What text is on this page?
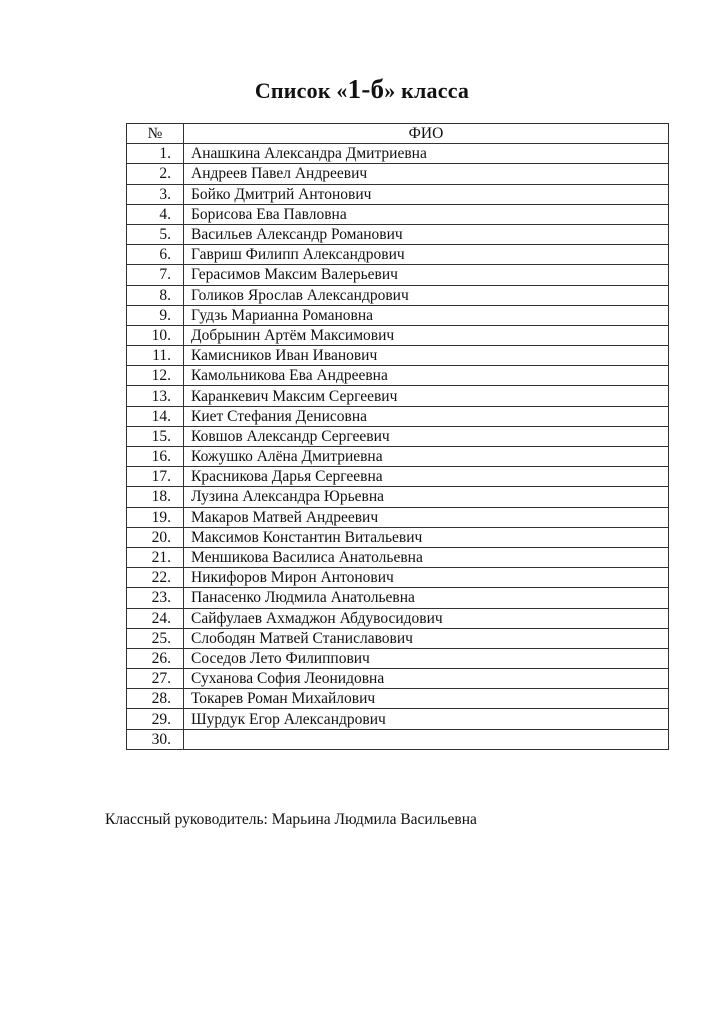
Список «1-б» класса
№	ФИО
1.	Анашкина Александра Дмитриевна
2.	Андреев Павел Андреевич
3.	Бойко Дмитрий Антонович
4.	Борисова Ева Павловна
5.	Васильев Александр Романович
6.	Гавриш Филипп Александрович
7.	Герасимов Максим Валерьевич
8.	Голиков Ярослав Александрович
9.	Гудзь Марианна Романовна
10.	Добрынин Артём Максимович
11.	Камисников Иван Иванович
12.	Камольникова Ева Андреевна
13.	Каранкевич Максим Сергеевич
14.	Киет Стефания Денисовна
15.	Ковшов Александр Сергеевич
16.	Кожушко Алёна Дмитриевна
17.	Красникова Дарья Сергеевна
18.	Лузина Александра Юрьевна
19.	Макаров Матвей Андреевич
20.	Максимов Константин Витальевич
21.	Меншикова Василиса Анатольевна
22.	Никифоров Мирон Антонович
23.	Панасенко Людмила Анатольевна
24.	Сайфулаев Ахмаджон Абдувосидович
25.	Слободян Матвей Станиславович
26.	Соседов Лето Филиппович
27.	Суханова София Леонидовна
28.	Токарев Роман Михайлович
29.	Шурдук Егор Александрович
30.	
Классный руководитель: Марьина Людмила Васильевна
